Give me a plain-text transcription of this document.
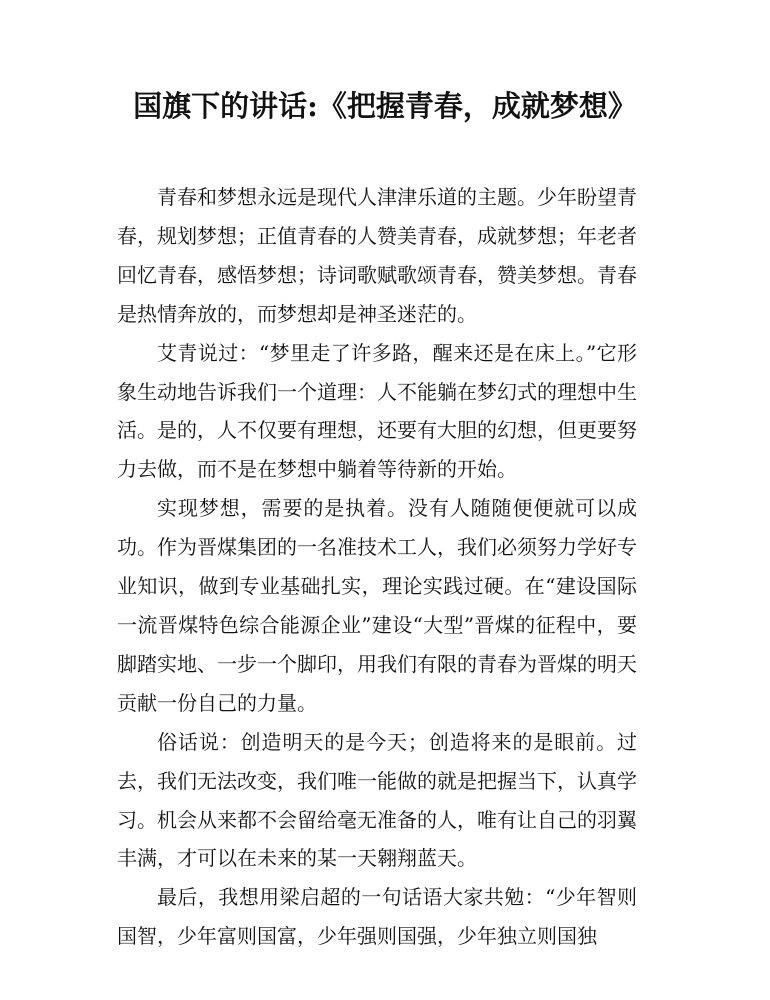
国旗下的讲话:《把握青春，成就梦想》

青春和梦想永远是现代人津津乐道的主题。少年盼望青春，规划梦想；正值青春的人赞美青春，成就梦想；年老者回忆青春，感悟梦想；诗词歌赋歌颂青春，赞美梦想。青春是热情奔放的，而梦想却是神圣迷茫的。

艾青说过：“梦里走了许多路，醒来还是在床上。”它形象生动地告诉我们一个道理：人不能躺在梦幻式的理想中生活。是的，人不仅要有理想，还要有大胆的幻想，但更要努力去做，而不是在梦想中躺着等待新的开始。

实现梦想，需要的是执着。没有人随随便便就可以成功。作为晋煤集团的一名准技术工人，我们必须努力学好专业知识，做到专业基础扎实，理论实践过硬。在“建设国际一流晋煤特色综合能源企业”建设“大型”晋煤的征程中，要脚踏实地、一步一个脚印，用我们有限的青春为晋煤的明天贡献一份自己的力量。

俗话说：创造明天的是今天；创造将来的是眼前。过去，我们无法改变，我们唯一能做的就是把握当下，认真学习。机会从来都不会留给毫无准备的人，唯有让自己的羽翼丰满，才可以在未来的某一天翱翔蓝天。

最后，我想用梁启超的一句话语大家共勉：“少年智则国智，少年富则国富，少年强则国强，少年独立则国独
